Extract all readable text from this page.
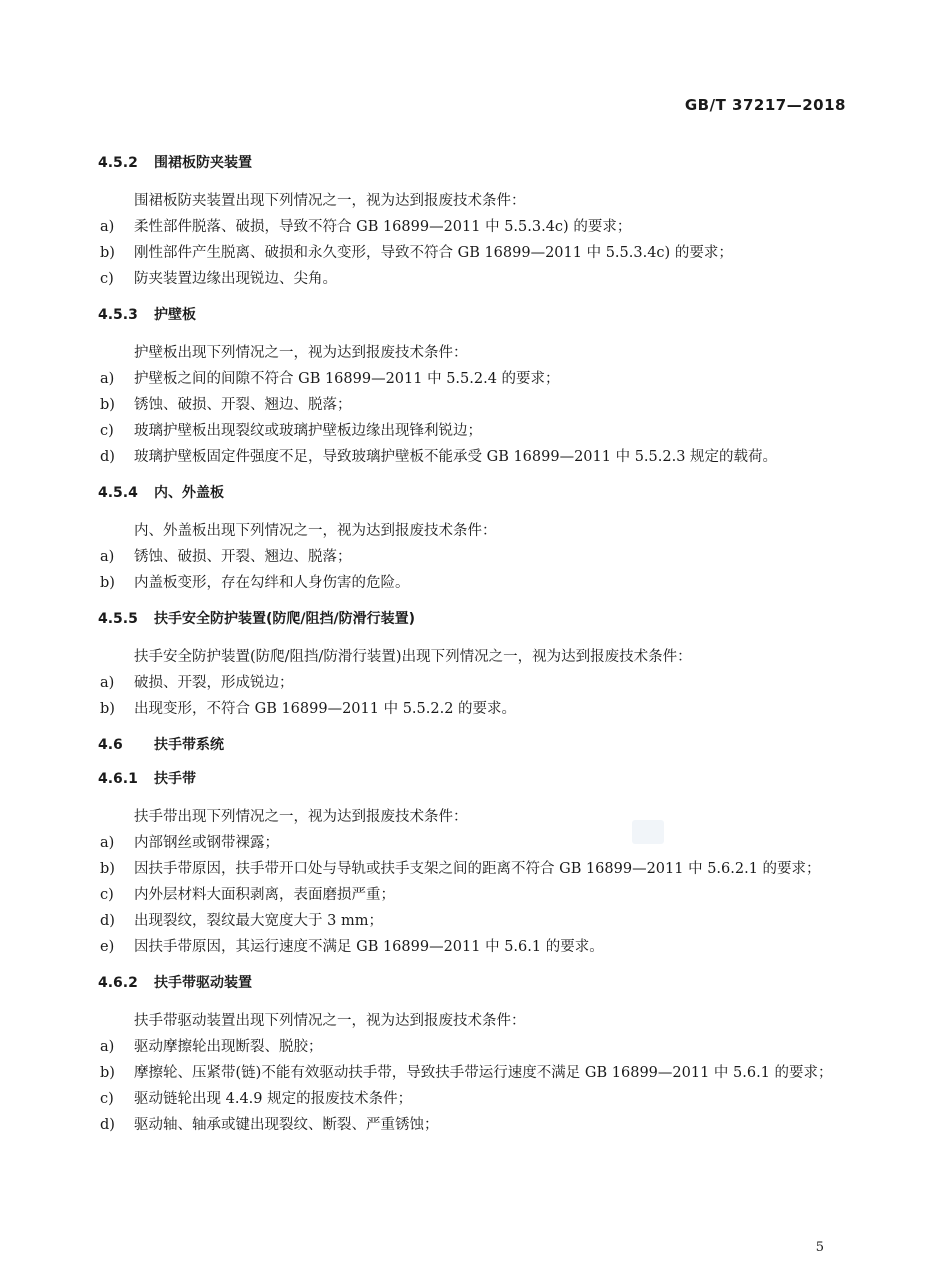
GB/T 37217—2018
4.5.2	围裙板防夹装置
围裙板防夹装置出现下列情况之一，视为达到报废技术条件：
a)	柔性部件脱落、破损，导致不符合 GB 16899—2011 中 5.5.3.4c) 的要求；
b)	刚性部件产生脱离、破损和永久变形，导致不符合 GB 16899—2011 中 5.5.3.4c) 的要求；
c)	防夹装置边缘出现锐边、尖角。
4.5.3	护壁板
护壁板出现下列情况之一，视为达到报废技术条件：
a)	护壁板之间的间隙不符合 GB 16899—2011 中 5.5.2.4 的要求；
b)	锈蚀、破损、开裂、翘边、脱落；
c)	玻璃护壁板出现裂纹或玻璃护壁板边缘出现锋利锐边；
d)	玻璃护壁板固定件强度不足，导致玻璃护壁板不能承受 GB 16899—2011 中 5.5.2.3 规定的载荷。
4.5.4	内、外盖板
内、外盖板出现下列情况之一，视为达到报废技术条件：
a)	锈蚀、破损、开裂、翘边、脱落；
b)	内盖板变形，存在勾绊和人身伤害的危险。
4.5.5	扶手安全防护装置(防爬/阻挡/防滑行装置)
扶手安全防护装置(防爬/阻挡/防滑行装置)出现下列情况之一，视为达到报废技术条件：
a)	破损、开裂，形成锐边；
b)	出现变形，不符合 GB 16899—2011 中 5.5.2.2 的要求。
4.6	扶手带系统
4.6.1	扶手带
扶手带出现下列情况之一，视为达到报废技术条件：
a)	内部钢丝或钢带裸露；
b)	因扶手带原因，扶手带开口处与导轨或扶手支架之间的距离不符合 GB 16899—2011 中 5.6.2.1 的要求；
c)	内外层材料大面积剥离，表面磨损严重；
d)	出现裂纹，裂纹最大宽度大于 3 mm；
e)	因扶手带原因，其运行速度不满足 GB 16899—2011 中 5.6.1 的要求。
4.6.2	扶手带驱动装置
扶手带驱动装置出现下列情况之一，视为达到报废技术条件：
a)	驱动摩擦轮出现断裂、脱胶；
b)	摩擦轮、压紧带(链)不能有效驱动扶手带，导致扶手带运行速度不满足 GB 16899—2011 中 5.6.1 的要求；
c)	驱动链轮出现 4.4.9 规定的报废技术条件；
d)	驱动轴、轴承或键出现裂纹、断裂、严重锈蚀；
5
